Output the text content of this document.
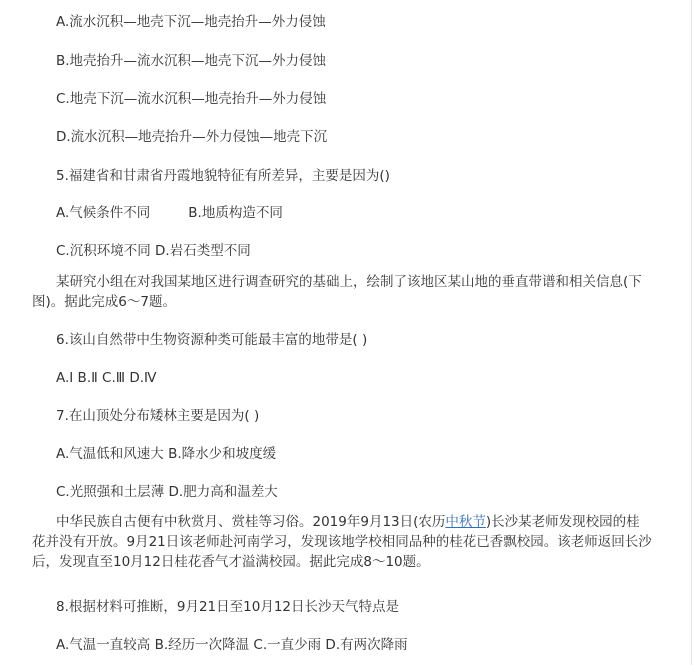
A.流水沉积—地壳下沉—地壳抬升—外力侵蚀
B.地壳抬升—流水沉积—地壳下沉—外力侵蚀
C.地壳下沉—流水沉积—地壳抬升—外力侵蚀
D.流水沉积—地壳抬升—外力侵蚀—地壳下沉
5.福建省和甘肃省丹霞地貌特征有所差异，主要是因为()
A.气候条件不同	B.地质构造不同
C.沉积环境不同 D.岩石类型不同
某研究小组在对我国某地区进行调查研究的基础上，绘制了该地区某山地的垂直带谱和相关信息(下图)。据此完成6～7题。
6.该山自然带中生物资源种类可能最丰富的地带是( )
A.Ⅰ B.Ⅱ C.Ⅲ D.Ⅳ
7.在山顶处分布矮林主要是因为( )
A.气温低和风速大 B.降水少和坡度缓
C.光照强和土层薄 D.肥力高和温差大
中华民族自古便有中秋赏月、赏桂等习俗。2019年9月13日(农历中秋节)长沙某老师发现校园的桂花并没有开放。9月21日该老师赴河南学习，发现该地学校相同品种的桂花已香飘校园。该老师返回长沙后，发现直至10月12日桂花香气才溢满校园。据此完成8～10题。
8.根据材料可推断，9月21日至10月12日长沙天气特点是
A.气温一直较高 B.经历一次降温 C.一直少雨 D.有两次降雨
